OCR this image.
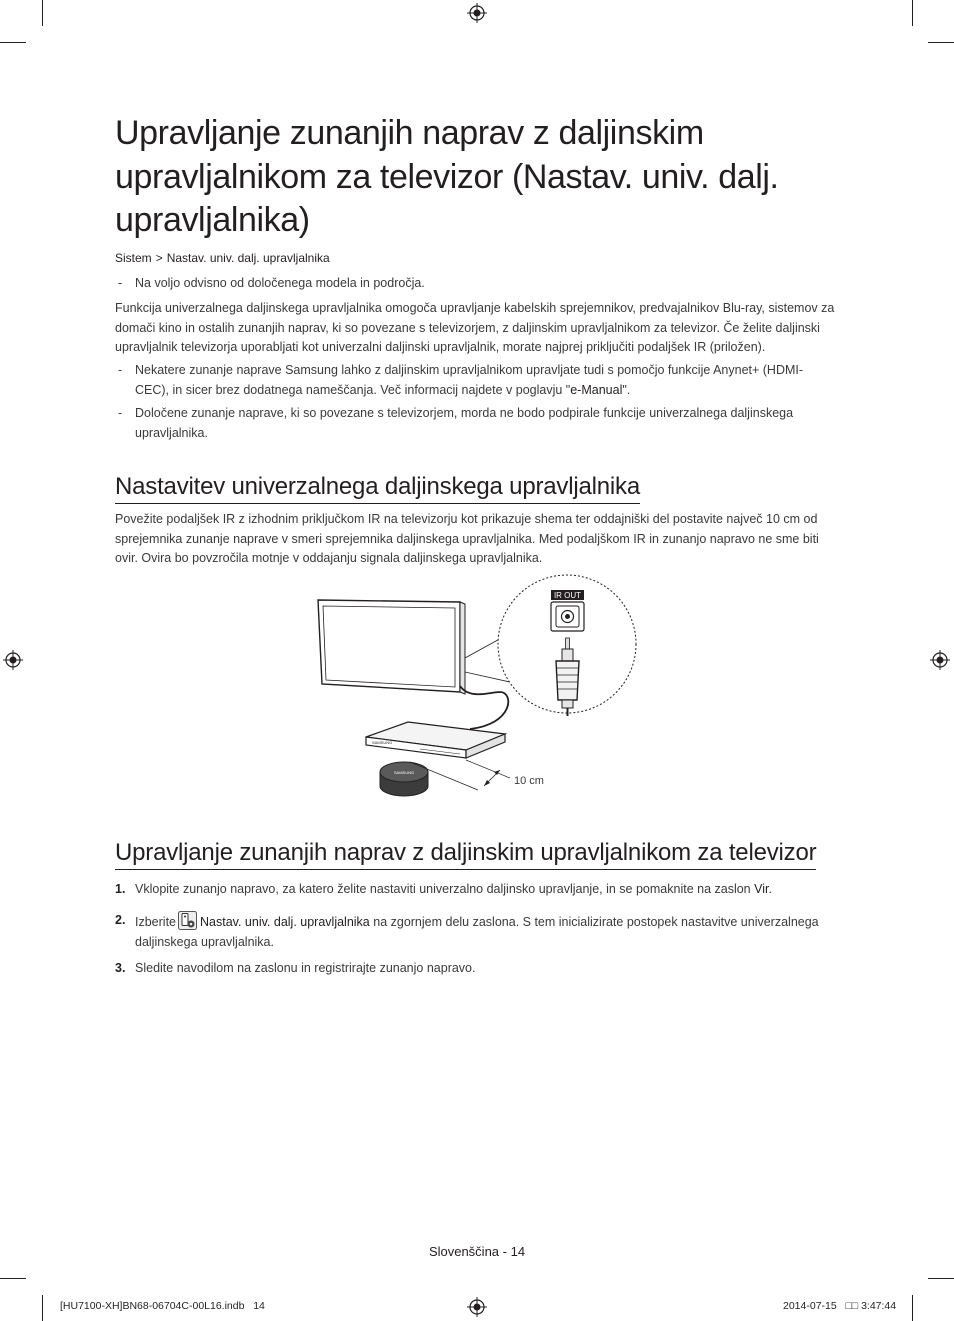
Upravljanje zunanjih naprav z daljinskim upravljalnikom za televizor (Nastav. univ. dalj. upravljalnika)
Sistem > Nastav. univ. dalj. upravljalnika
- Na voljo odvisno od določenega modela in področja.
Funkcija univerzalnega daljinskega upravljalnika omogoča upravljanje kabelskih sprejemnikov, predvajalnikov Blu-ray, sistemov za domači kino in ostalih zunanjih naprav, ki so povezane s televizorjem, z daljinskim upravljalnikom za televizor. Če želite daljinski upravljalnik televizorja uporabljati kot univerzalni daljinski upravljalnik, morate najprej priključiti podaljšek IR (priložen).
- Nekatere zunanje naprave Samsung lahko z daljinskim upravljalnikom upravljate tudi s pomočjo funkcije Anynet+ (HDMI-CEC), in sicer brez dodatnega nameščanja. Več informacij najdete v poglavju "e-Manual".
- Določene zunanje naprave, ki so povezane s televizorjem, morda ne bodo podpirale funkcije univerzalnega daljinskega upravljalnika.
Nastavitev univerzalnega daljinskega upravljalnika
Povežite podaljšek IR z izhodnim priključkom IR na televizorju kot prikazuje shema ter oddajniški del postavite največ 10 cm od sprejemnika zunanje naprave v smeri sprejemnika daljinskega upravljalnika. Med podaljškom IR in zunanjo napravo ne sme biti ovir. Ovira bo povzročila motnje v oddajanju signala daljinskega upravljalnika.
IR OUT
SAMSUNG
SAMSUNG
10 cm
Upravljanje zunanjih naprav z daljinskim upravljalnikom za televizor
1. Vklopite zunanjo napravo, za katero želite nastaviti univerzalno daljinsko upravljanje, in se pomaknite na zaslon Vir.
2. Izberite Nastav. univ. dalj. upravljalnika na zgornjem delu zaslona. S tem inicializirate postopek nastavitve univerzalnega daljinskega upravljalnika.
3. Sledite navodilom na zaslonu in registrirajte zunanjo napravo.
Slovenščina - 14
[HU7100-XH]BN68-06704C-00L16.indb   14	2014-07-15   □□ 3:47:44
